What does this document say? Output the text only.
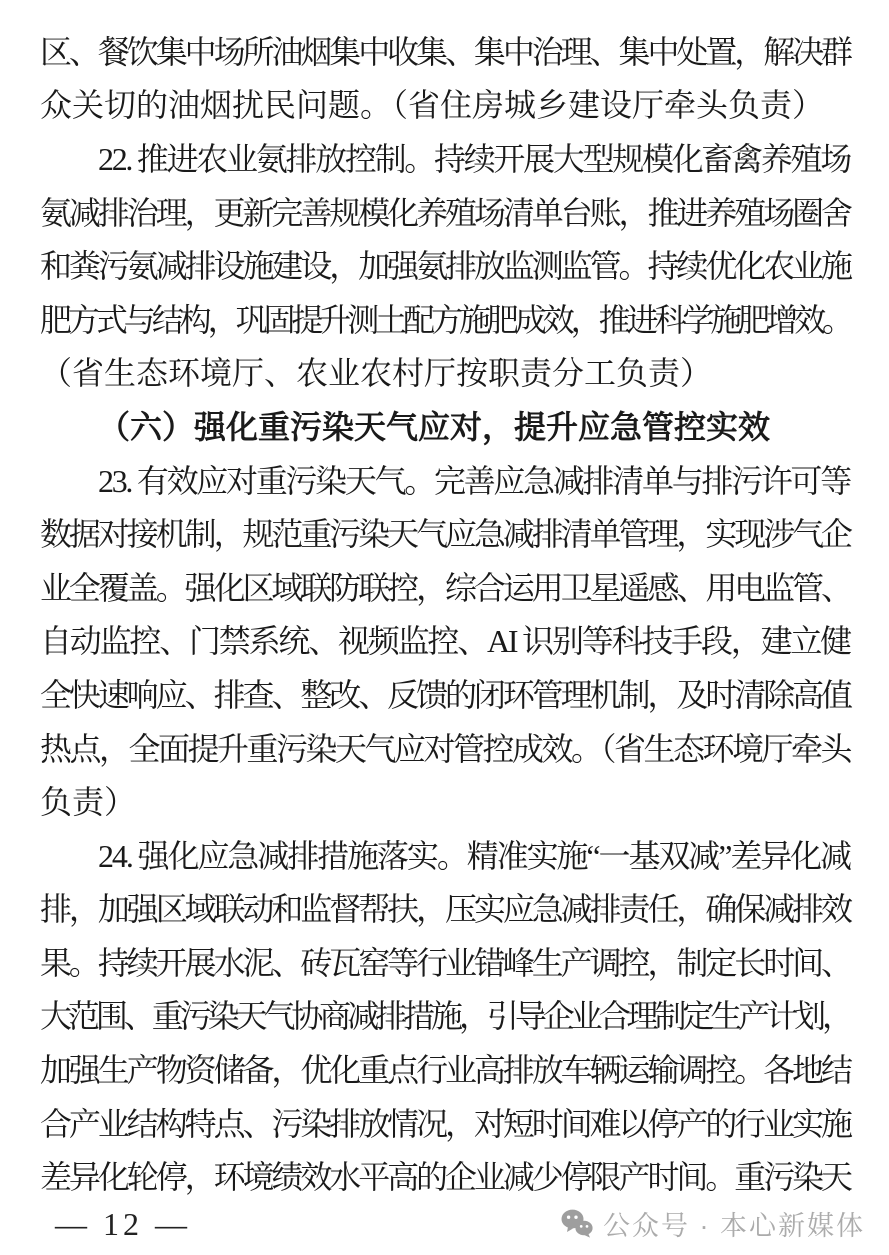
区、餐饮集中场所油烟集中收集、集中治理、集中处置，解决群
众关切的油烟扰民问题。（省住房城乡建设厅牵头负责）
22. 推进农业氨排放控制。持续开展大型规模化畜禽养殖场
氨减排治理，更新完善规模化养殖场清单台账，推进养殖场圈舍
和粪污氨减排设施建设，加强氨排放监测监管。持续优化农业施
肥方式与结构，巩固提升测土配方施肥成效，推进科学施肥增效。
（省生态环境厅、农业农村厅按职责分工负责）
（六）强化重污染天气应对，提升应急管控实效
23. 有效应对重污染天气。完善应急减排清单与排污许可等
数据对接机制，规范重污染天气应急减排清单管理，实现涉气企
业全覆盖。强化区域联防联控，综合运用卫星遥感、用电监管、
自动监控、门禁系统、视频监控、AI 识别等科技手段，建立健
全快速响应、排查、整改、反馈的闭环管理机制，及时清除高值
热点，全面提升重污染天气应对管控成效。（省生态环境厅牵头
负责）
24. 强化应急减排措施落实。精准实施“一基双减”差异化减
排，加强区域联动和监督帮扶，压实应急减排责任，确保减排效
果。持续开展水泥、砖瓦窑等行业错峰生产调控，制定长时间、
大范围、重污染天气协商减排措施，引导企业合理制定生产计划，
加强生产物资储备，优化重点行业高排放车辆运输调控。各地结
合产业结构特点、污染排放情况，对短时间难以停产的行业实施
差异化轮停，环境绩效水平高的企业减少停限产时间。重污染天
— 12 —	公众号 · 本心新媒体
